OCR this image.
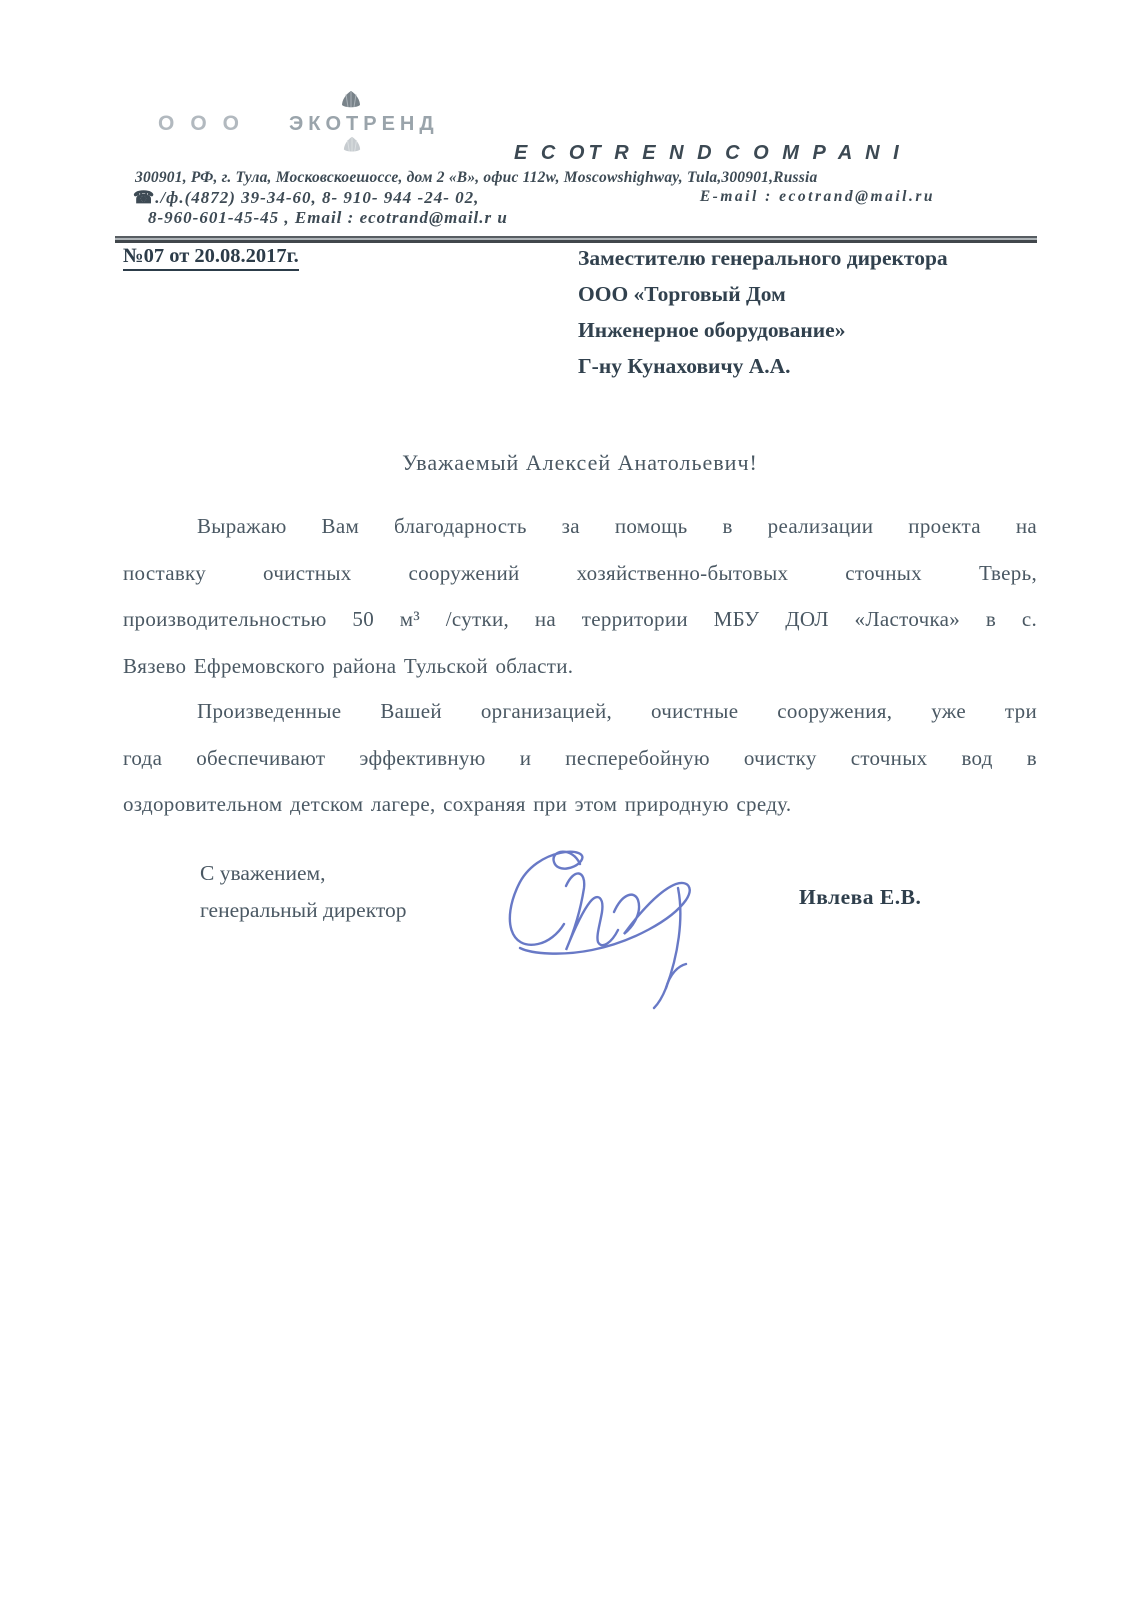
ООО ЭКОТРЕНД
E C OT R E N D C O M P A N I
300901, РФ, г. Тула, Московскоешоссе, дом 2 «В», офис 112w, Moscowshighway, Tula,300901,Russia
☎./ф.(4872) 39-34-60, 8- 910- 944 -24- 02,	E-mail : ecotrand@mail.ru
8-960-601-45-45 , Email : ecotrand@mail.r u
№07 от 20.08.2017г.	Заместителю генерального директора
ООО «Торговый Дом
Инженерное оборудование»
Г-ну Кунаховичу А.А.
Уважаемый Алексей Анатольевич!
Выражаю Вам благодарность за помощь в реализации проекта на
поставку очистных сооружений хозяйственно-бытовых сточных Тверь,
производительностью 50 м³ /сутки, на территории МБУ ДОЛ «Ласточка» в с.
Вязево Ефремовского района Тульской области.
Произведенные Вашей организацией, очистные сооружения, уже три
года обеспечивают эффективную и песперебойную очистку сточных вод в
оздоровительном детском лагере, сохраняя при этом природную среду.
С уважением,
генеральный директор
Ивлева Е.В.
